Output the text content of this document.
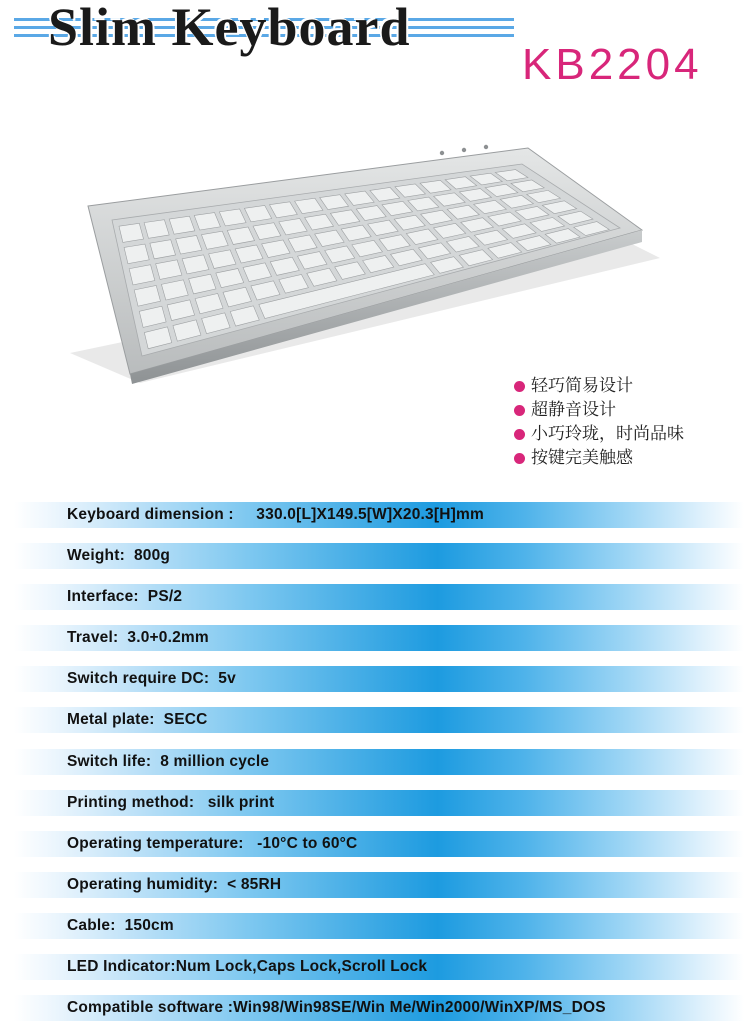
Slim Keyboard
KB2204
轻巧简易设计
超静音设计
小巧玲珑，时尚品味
按键完美触感
Keyboard dimension :     330.0[L]X149.5[W]X20.3[H]mm
Weight:  800g
Interface:  PS/2
Travel:  3.0+0.2mm
Switch require DC:  5v
Metal plate:  SECC
Switch life:  8 million cycle
Printing method:   silk print
Operating temperature:   -10°C to 60°C
Operating humidity:  < 85RH
Cable:  150cm
LED Indicator:Num Lock,Caps Lock,Scroll Lock
Compatible software :Win98/Win98SE/Win Me/Win2000/WinXP/MS_DOS
